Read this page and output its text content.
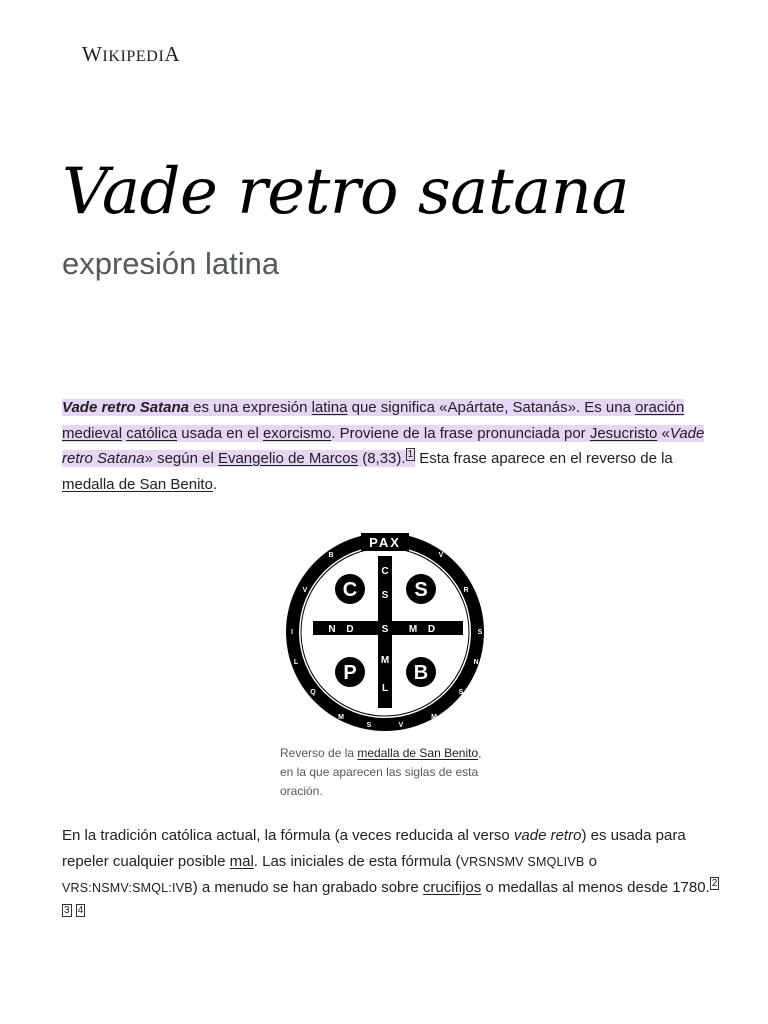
WIKIPEDIA
Vade retro satana
expresión latina
Vade retro Satana es una expresión latina que significa «Apártate, Satanás». Es una oración medieval católica usada en el exorcismo. Proviene de la frase pronunciada por Jesucristo «Vade retro Satana» según el Evangelio de Marcos (8,33). $^1$ Esta frase aparece en el reverso de la medalla de San Benito.
PAX
B
V
I
L
Q
V
R
S
N
S
M
S	V
M
C
S
S
M
L
N D	M D
C	S
P	B
Reverso de la medalla de San Benito, en la que aparecen las siglas de esta oración.
En la tradición católica actual, la fórmula (a veces reducida al verso vade retro) es usada para repeler cualquier posible mal. Las iniciales de esta fórmula (VRSNSMV SMQLIVB o VRS:NSMV:SMQL:IVB) a menudo se han grabado sobre crucifijos o medallas al menos desde 1780. $^2$ $^3$ $^4$
